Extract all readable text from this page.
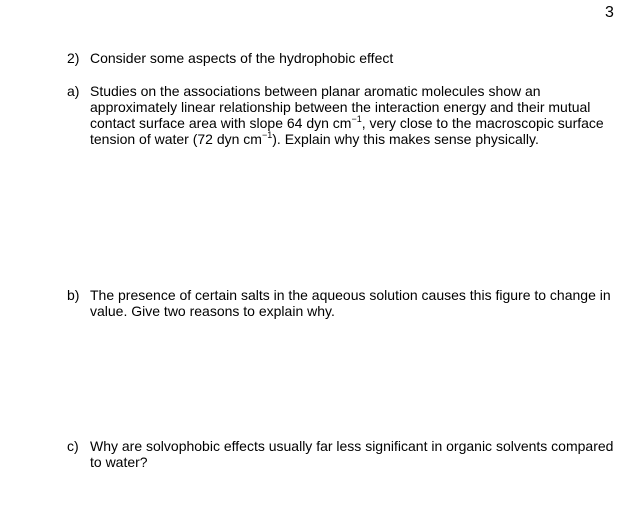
3
2) Consider some aspects of the hydrophobic effect
a) Studies on the associations between planar aromatic molecules show an approximately linear relationship between the interaction energy and their mutual contact surface area with slope 64 dyn $cm^{-1}$, very close to the macroscopic surface tension of water (72 dyn $cm^{-1}$). Explain why this makes sense physically.
b) The presence of certain salts in the aqueous solution causes this figure to change in value. Give two reasons to explain why.
c) Why are solvophobic effects usually far less significant in organic solvents compared to water?
